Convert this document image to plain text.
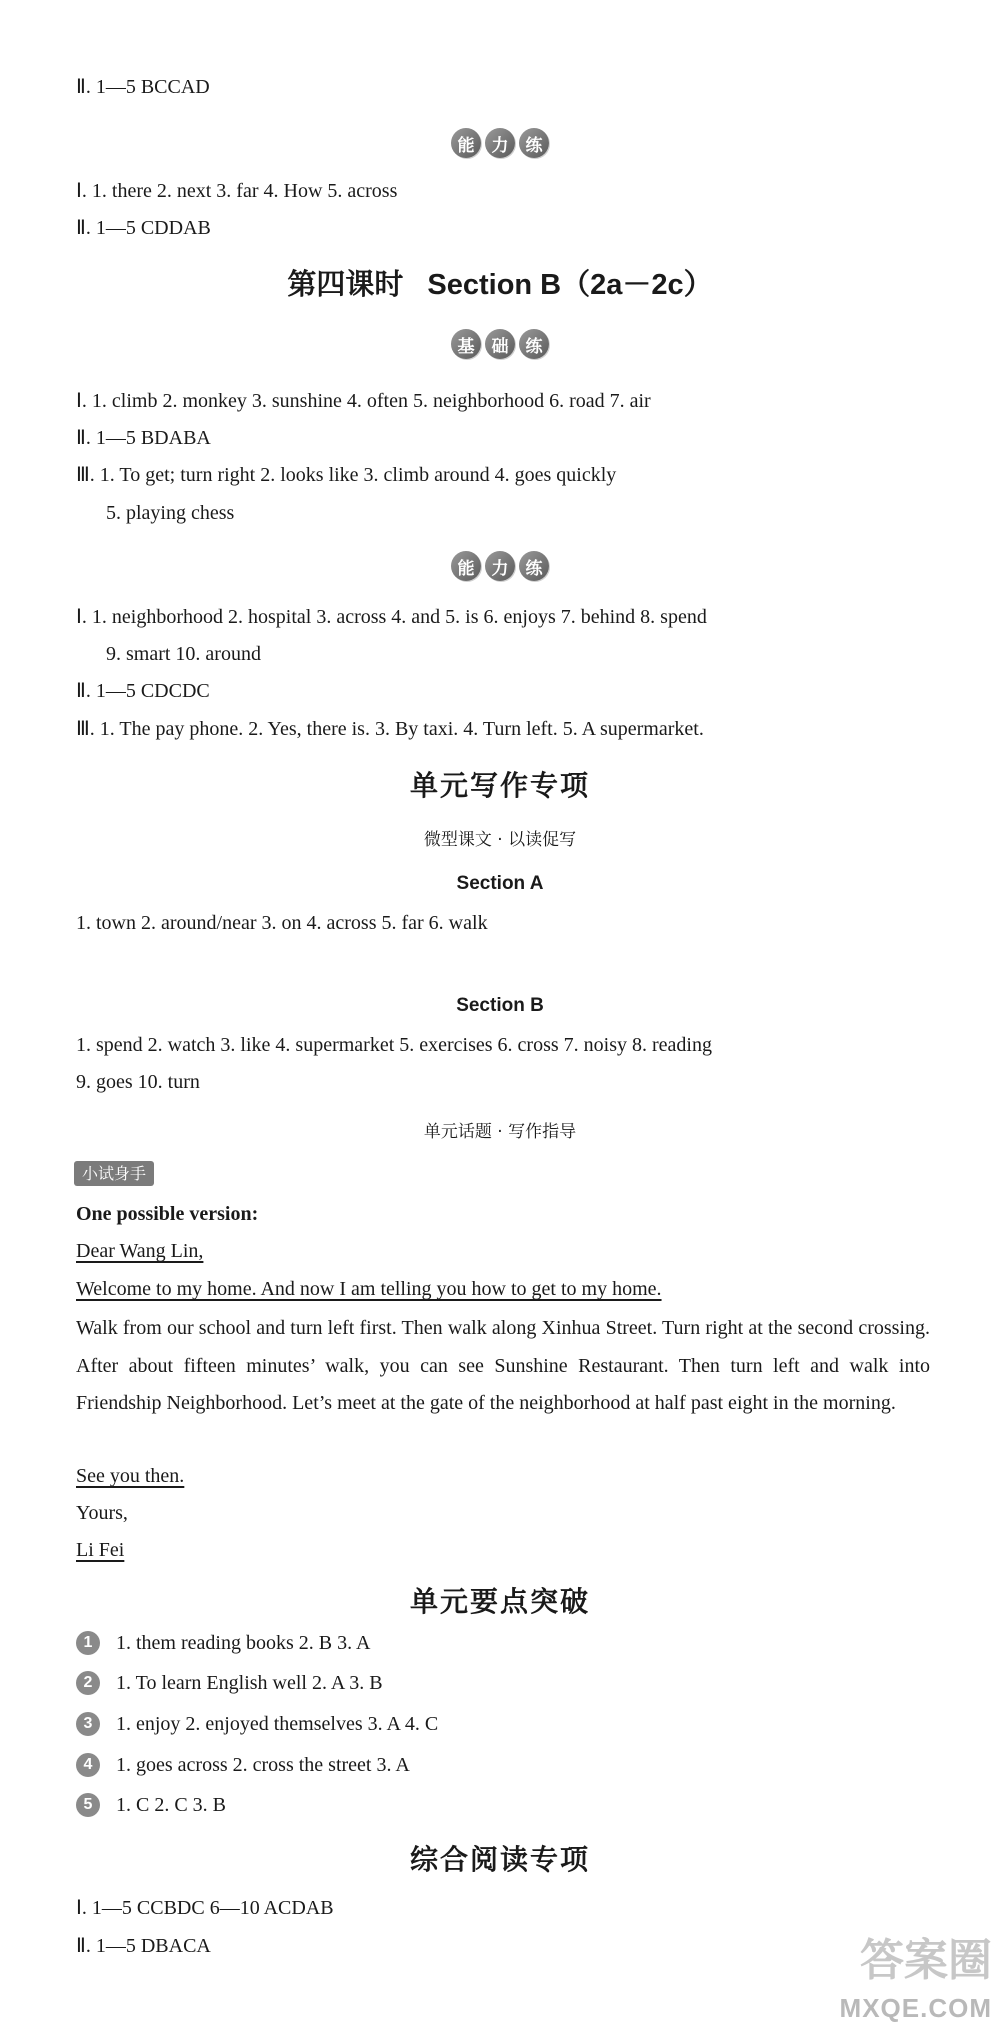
Ⅱ. 1—5 BCCAD
能	力	练
Ⅰ. 1. there 2. next 3. far 4. How 5. across
Ⅱ. 1—5 CDDAB
第四课时 Section B（2a－2c）
基	础	练
Ⅰ. 1. climb 2. monkey 3. sunshine 4. often 5. neighborhood 6. road 7. air
Ⅱ. 1—5 BDABA
Ⅲ. 1. To get; turn right 2. looks like 3. climb around 4. goes quickly
5. playing chess
能	力	练
Ⅰ. 1. neighborhood 2. hospital 3. across 4. and 5. is 6. enjoys 7. behind 8. spend
9. smart 10. around
Ⅱ. 1—5 CDCDC
Ⅲ. 1. The pay phone. 2. Yes, there is. 3. By taxi. 4. Turn left. 5. A supermarket.
单元写作专项
微型课文 · 以读促写
Section A
1. town 2. around/near 3. on 4. across 5. far 6. walk
Section B
1. spend 2. watch 3. like 4. supermarket 5. exercises 6. cross 7. noisy 8. reading
9. goes 10. turn
单元话题 · 写作指导
小试身手
One possible version:
Dear Wang Lin,
Welcome to my home. And now I am telling you how to get to my home.
Walk from our school and turn left first. Then walk along Xinhua Street. Turn right at the second crossing. After about fifteen minutes’ walk, you can see Sunshine Restaurant. Then turn left and walk into Friendship Neighborhood. Let’s meet at the gate of the neighborhood at half past eight in the morning.
See you then.
Yours,
Li Fei
单元要点突破
1 1. them reading books 2. B 3. A
2 1. To learn English well 2. A 3. B
3 1. enjoy 2. enjoyed themselves 3. A 4. C
4 1. goes across 2. cross the street 3. A
5 1. C 2. C 3. B
综合阅读专项
Ⅰ. 1—5 CCBDC 6—10 ACDAB
Ⅱ. 1—5 DBACA	答案圈
MXQE.COM
